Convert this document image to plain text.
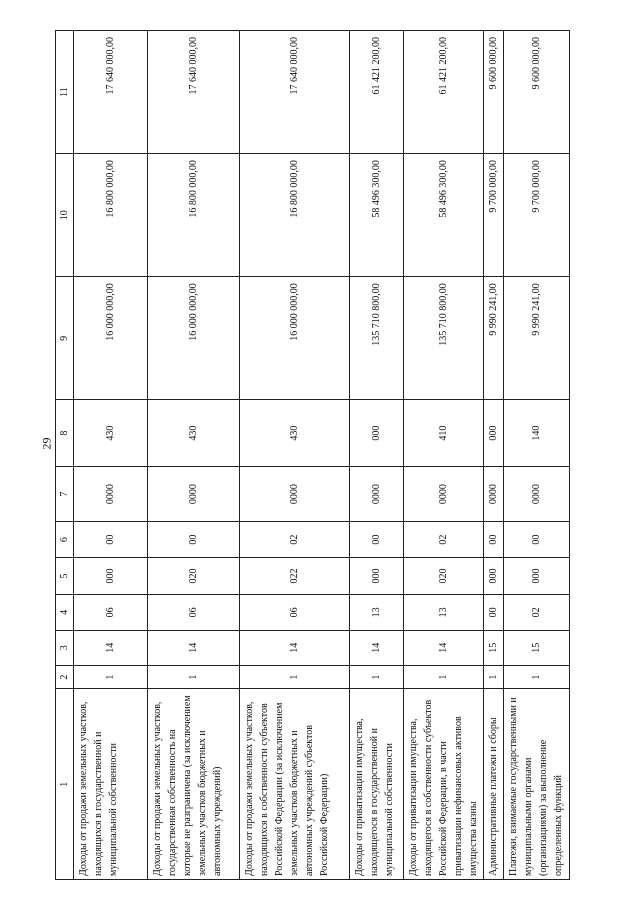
29
1	2	3	4	5	6	7	8	9	10	11
Доходы от продажи земельных участков, находящихся в государственной и муниципальной собственности	1	14	06	000	00	0000	430	16 000 000,00	16 800 000,00	17 640 000,00
Доходы от продажи земельных участков, государственная собственность на которые не разграничена (за исключением земельных участков бюджетных и автономных учреждений)	1	14	06	020	00	0000	430	16 000 000,00	16 800 000,00	17 640 000,00
Доходы от продажи земельных участков, находящихся в собственности субъектов Российской Федерации (за исключением земельных участков бюджетных и автономных учреждений субъектов Российской Федерации)	1	14	06	022	02	0000	430	16 000 000,00	16 800 000,00	17 640 000,00
Доходы от приватизации имущества, находящегося в государственной и муниципальной собственности	1	14	13	000	00	0000	000	135 710 800,00	58 496 300,00	61 421 200,00
Доходы от приватизации имущества, находящегося в собственности субъектов Российской Федерации, в части приватизации нефинансовых активов имущества казны	1	14	13	020	02	0000	410	135 710 800,00	58 496 300,00	61 421 200,00
Административные платежи и сборы	1	15	00	000	00	0000	000	9 990 241,00	9 700 000,00	9 600 000,00
Платежи, взимаемые государственными и муниципальными органами (организациями) за выполнение определенных функций	1	15	02	000	00	0000	140	9 990 241,00	9 700 000,00	9 600 000,00
